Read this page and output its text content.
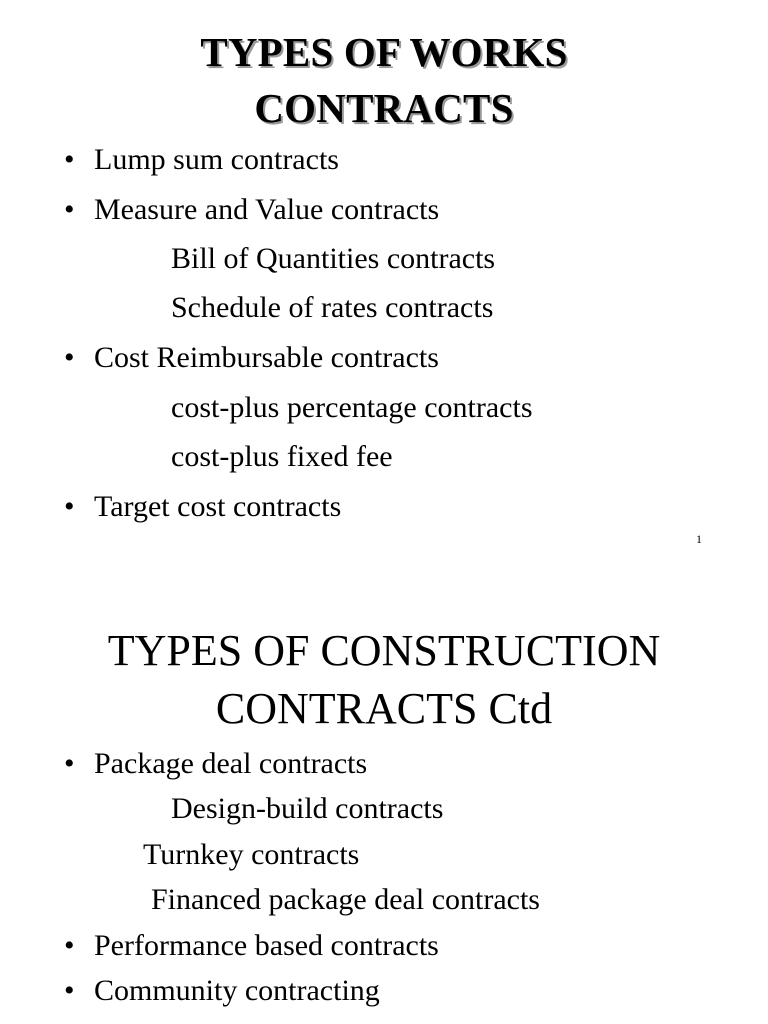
TYPES OF WORKS
CONTRACTS
• Lump sum contracts
• Measure and Value contracts
Bill of Quantities contracts
Schedule of rates contracts
• Cost Reimbursable contracts
cost-plus percentage contracts
cost-plus fixed fee
• Target cost contracts
1
TYPES OF CONSTRUCTION
CONTRACTS Ctd
• Package deal contracts
Design-build contracts
Turnkey contracts
Financed package deal contracts
• Performance based contracts
• Community contracting
